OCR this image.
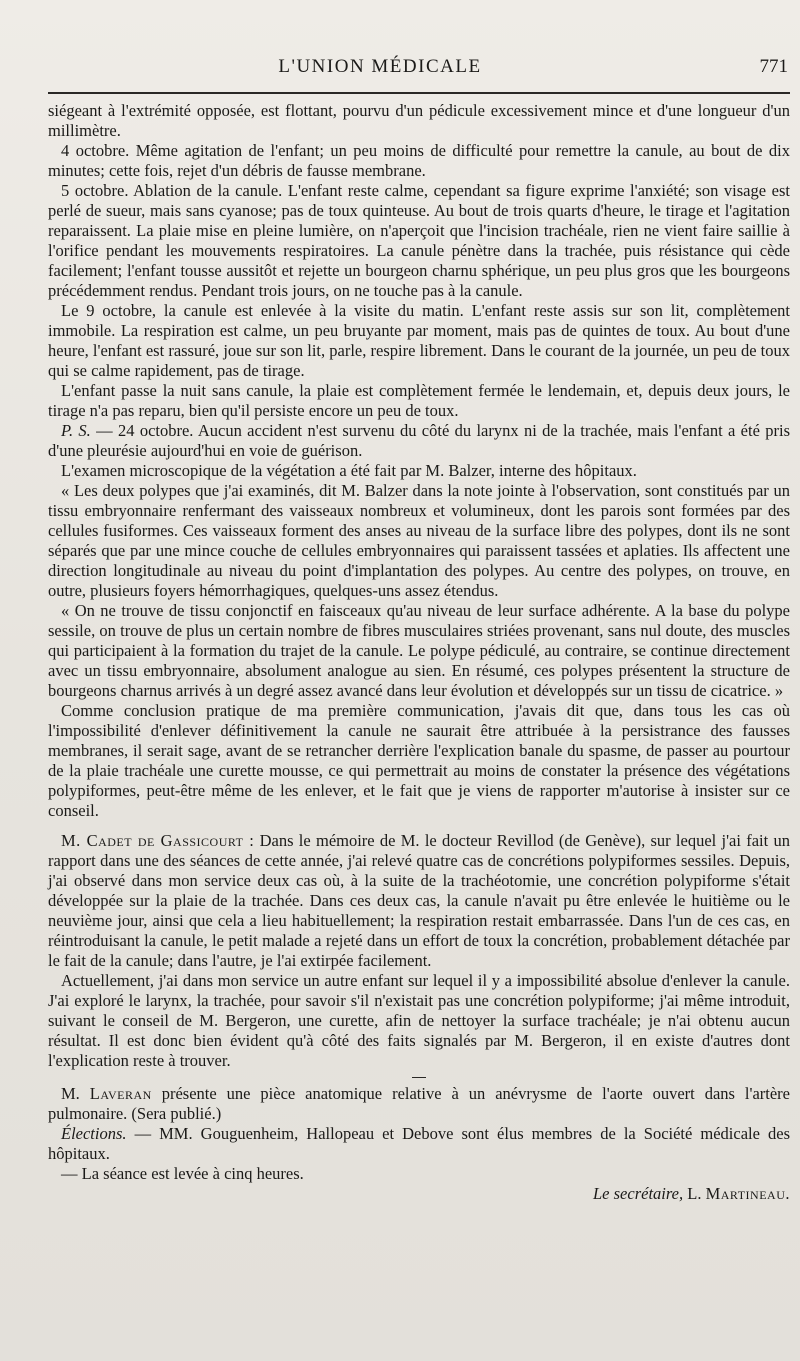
L'UNION MÉDICALE	771

siégeant à l'extrémité opposée, est flottant, pourvu d'un pédicule excessivement mince et d'une longueur d'un millimètre.

4 octobre. Même agitation de l'enfant; un peu moins de difficulté pour remettre la canule, au bout de dix minutes; cette fois, rejet d'un débris de fausse membrane.

5 octobre. Ablation de la canule. L'enfant reste calme, cependant sa figure exprime l'anxiété; son visage est perlé de sueur, mais sans cyanose; pas de toux quinteuse. Au bout de trois quarts d'heure, le tirage et l'agitation reparaissent. La plaie mise en pleine lumière, on n'aperçoit que l'incision trachéale, rien ne vient faire saillie à l'orifice pendant les mouvements respiratoires. La canule pénètre dans la trachée, puis résistance qui cède facilement; l'enfant tousse aussitôt et rejette un bourgeon charnu sphérique, un peu plus gros que les bourgeons précédemment rendus. Pendant trois jours, on ne touche pas à la canule.

Le 9 octobre, la canule est enlevée à la visite du matin. L'enfant reste assis sur son lit, complètement immobile. La respiration est calme, un peu bruyante par moment, mais pas de quintes de toux. Au bout d'une heure, l'enfant est rassuré, joue sur son lit, parle, respire librement. Dans le courant de la journée, un peu de toux qui se calme rapidement, pas de tirage.

L'enfant passe la nuit sans canule, la plaie est complètement fermée le lendemain, et, depuis deux jours, le tirage n'a pas reparu, bien qu'il persiste encore un peu de toux.

P. S. — 24 octobre. Aucun accident n'est survenu du côté du larynx ni de la trachée, mais l'enfant a été pris d'une pleurésie aujourd'hui en voie de guérison.

L'examen microscopique de la végétation a été fait par M. Balzer, interne des hôpitaux.

« Les deux polypes que j'ai examinés, dit M. Balzer dans la note jointe à l'observation, sont constitués par un tissu embryonnaire renfermant des vaisseaux nombreux et volumineux, dont les parois sont formées par des cellules fusiformes. Ces vaisseaux forment des anses au niveau de la surface libre des polypes, dont ils ne sont séparés que par une mince couche de cellules embryonnaires qui paraissent tassées et aplaties. Ils affectent une direction longitudinale au niveau du point d'implantation des polypes. Au centre des polypes, on trouve, en outre, plusieurs foyers hémorrhagiques, quelques-uns assez étendus.

« On ne trouve de tissu conjonctif en faisceaux qu'au niveau de leur surface adhérente. A la base du polype sessile, on trouve de plus un certain nombre de fibres musculaires striées provenant, sans nul doute, des muscles qui participaient à la formation du trajet de la canule. Le polype pédiculé, au contraire, se continue directement avec un tissu embryonnaire, absolument analogue au sien. En résumé, ces polypes présentent la structure de bourgeons charnus arrivés à un degré assez avancé dans leur évolution et développés sur un tissu de cicatrice. »

Comme conclusion pratique de ma première communication, j'avais dit que, dans tous les cas où l'impossibilité d'enlever définitivement la canule ne saurait être attribuée à la persistrance des fausses membranes, il serait sage, avant de se retrancher derrière l'explication banale du spasme, de passer au pourtour de la plaie trachéale une curette mousse, ce qui permettrait au moins de constater la présence des végétations polypiformes, peut-être même de les enlever, et le fait que je viens de rapporter m'autorise à insister sur ce conseil.

M. Cadet de Gassicourt : Dans le mémoire de M. le docteur Revillod (de Genève), sur lequel j'ai fait un rapport dans une des séances de cette année, j'ai relevé quatre cas de concrétions polypiformes sessiles. Depuis, j'ai observé dans mon service deux cas où, à la suite de la trachéotomie, une concrétion polypiforme s'était développée sur la plaie de la trachée. Dans ces deux cas, la canule n'avait pu être enlevée le huitième ou le neuvième jour, ainsi que cela a lieu habituellement; la respiration restait embarrassée. Dans l'un de ces cas, en réintroduisant la canule, le petit malade a rejeté dans un effort de toux la concrétion, probablement détachée par le fait de la canule; dans l'autre, je l'ai extirpée facilement.

Actuellement, j'ai dans mon service un autre enfant sur lequel il y a impossibilité absolue d'enlever la canule. J'ai exploré le larynx, la trachée, pour savoir s'il n'existait pas une concrétion polypiforme; j'ai même introduit, suivant le conseil de M. Bergeron, une curette, afin de nettoyer la surface trachéale; je n'ai obtenu aucun résultat. Il est donc bien évident qu'à côté des faits signalés par M. Bergeron, il en existe d'autres dont l'explication reste à trouver.

M. Laveran présente une pièce anatomique relative à un anévrysme de l'aorte ouvert dans l'artère pulmonaire. (Sera publié.)

Élections. — MM. Gouguenheim, Hallopeau et Debove sont élus membres de la Société médicale des hôpitaux.

— La séance est levée à cinq heures.

Le secrétaire, L. Martineau.
